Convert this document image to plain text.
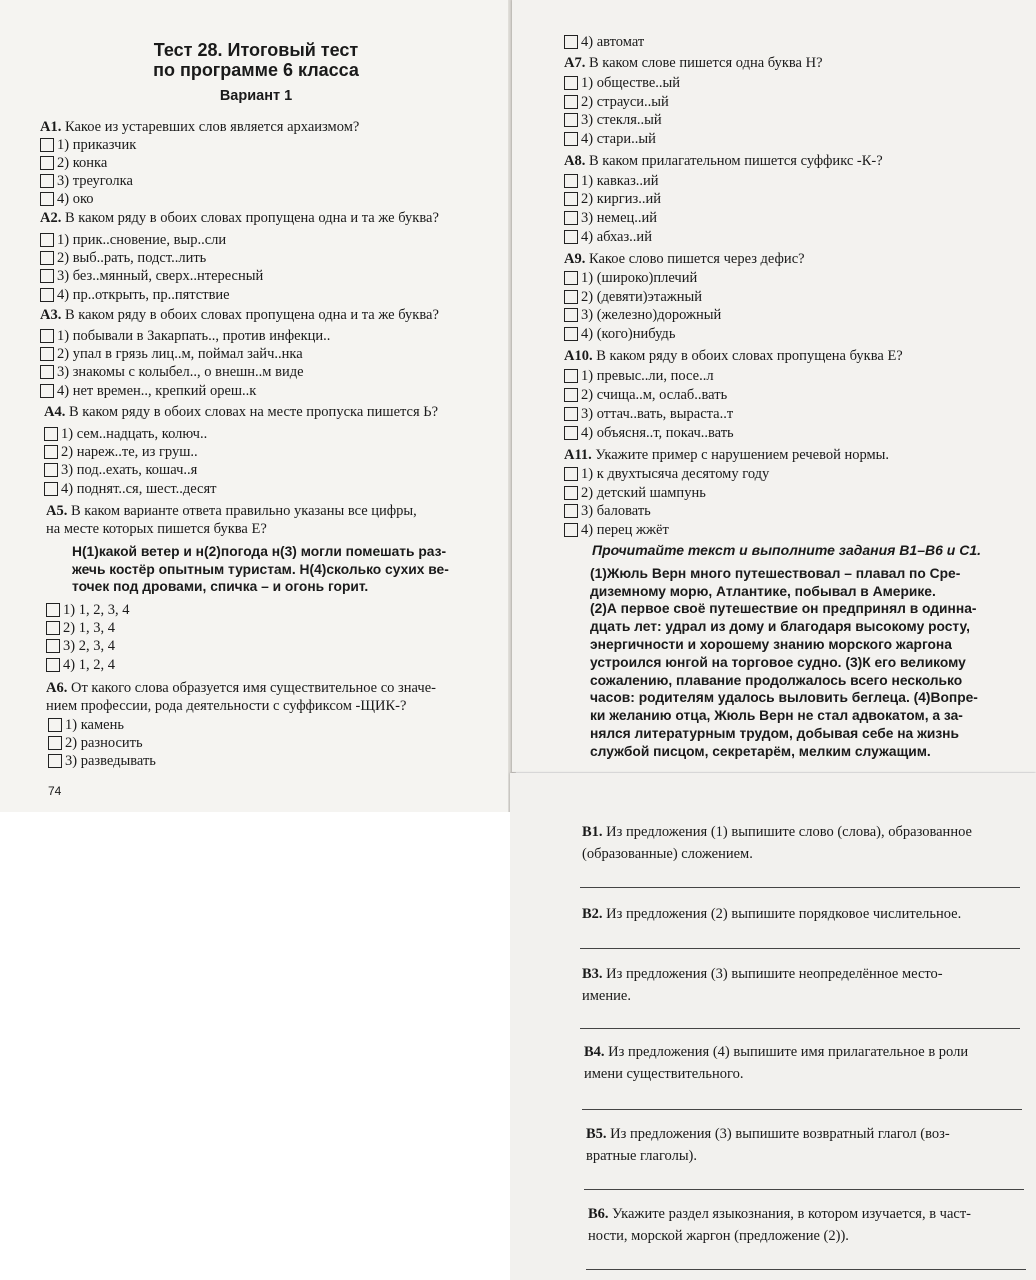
Тест 28. Итоговый тест
по программе 6 класса
Вариант 1
A1. Какое из устаревших слов является архаизмом?
1) приказчик
2) конка
3) треуголка
4) око
A2. В каком ряду в обоих словах пропущена одна и та же буква?
1) прик..сновение, выр..сли
2) выб..рать, подст..лить
3) без..мянный, сверх..нтересный
4) пр..открыть, пр..пятствие
A3. В каком ряду в обоих словах пропущена одна и та же буква?
1) побывали в Закарпать.., против инфекци..
2) упал в грязь лиц..м, поймал зайч..нка
3) знакомы с колыбел.., о внешн..м виде
4) нет времен.., крепкий ореш..к
A4. В каком ряду в обоих словах на месте пропуска пишется Ь?
1) сем..надцать, колюч..
2) нареж..те, из груш..
3) под..ехать, кошач..я
4) поднят..ся, шест..десят
A5. В каком варианте ответа правильно указаны все цифры,
на месте которых пишется буква Е?
Н(1)какой ветер и н(2)погода н(3) могли помешать раз-
жечь костёр опытным туристам. Н(4)сколько сухих ве-
точек под дровами, спичка – и огонь горит.
1) 1, 2, 3, 4
2) 1, 3, 4
3) 2, 3, 4
4) 1, 2, 4
A6. От какого слова образуется имя существительное со значе-
нием профессии, рода деятельности с суффиксом -ЩИК-?
1) камень
2) разносить
3) разведывать
74
4) автомат
A7. В каком слове пишется одна буква Н?
1) обществе..ый
2) страуси..ый
3) стекля..ый
4) стари..ый
A8. В каком прилагательном пишется суффикс -К-?
1) кавказ..ий
2) киргиз..ий
3) немец..ий
4) абхаз..ий
A9. Какое слово пишется через дефис?
1) (широко)плечий
2) (девяти)этажный
3) (железно)дорожный
4) (кого)нибудь
A10. В каком ряду в обоих словах пропущена буква Е?
1) превыс..ли, посе..л
2) счища..м, ослаб..вать
3) оттач..вать, выраста..т
4) объясня..т, покач..вать
A11. Укажите пример с нарушением речевой нормы.
1) к двухтысяча десятому году
2) детский шампунь
3) баловать
4) перец жжёт
Прочитайте текст и выполните задания В1–В6 и С1.
(1)Жюль Верн много путешествовал – плавал по Сре-
диземному морю, Атлантике, побывал в Америке.
(2)А первое своё путешествие он предпринял в одинна-
дцать лет: удрал из дому и благодаря высокому росту,
энергичности и хорошему знанию морского жаргона
устроился юнгой на торговое судно. (3)К его великому
сожалению, плавание продолжалось всего несколько
часов: родителям удалось выловить беглеца. (4)Вопре-
ки желанию отца, Жюль Верн не стал адвокатом, а за-
нялся литературным трудом, добывая себе на жизнь
службой писцом, секретарём, мелким служащим.
В1. Из предложения (1) выпишите слово (слова), образованное
(образованные) сложением.
В2. Из предложения (2) выпишите порядковое числительное.
В3. Из предложения (3) выпишите неопределённое место-
имение.
В4. Из предложения (4) выпишите имя прилагательное в роли
имени существительного.
В5. Из предложения (3) выпишите возвратный глагол (воз-
вратные глаголы).
В6. Укажите раздел языкознания, в котором изучается, в част-
ности, морской жаргон (предложение (2)).
